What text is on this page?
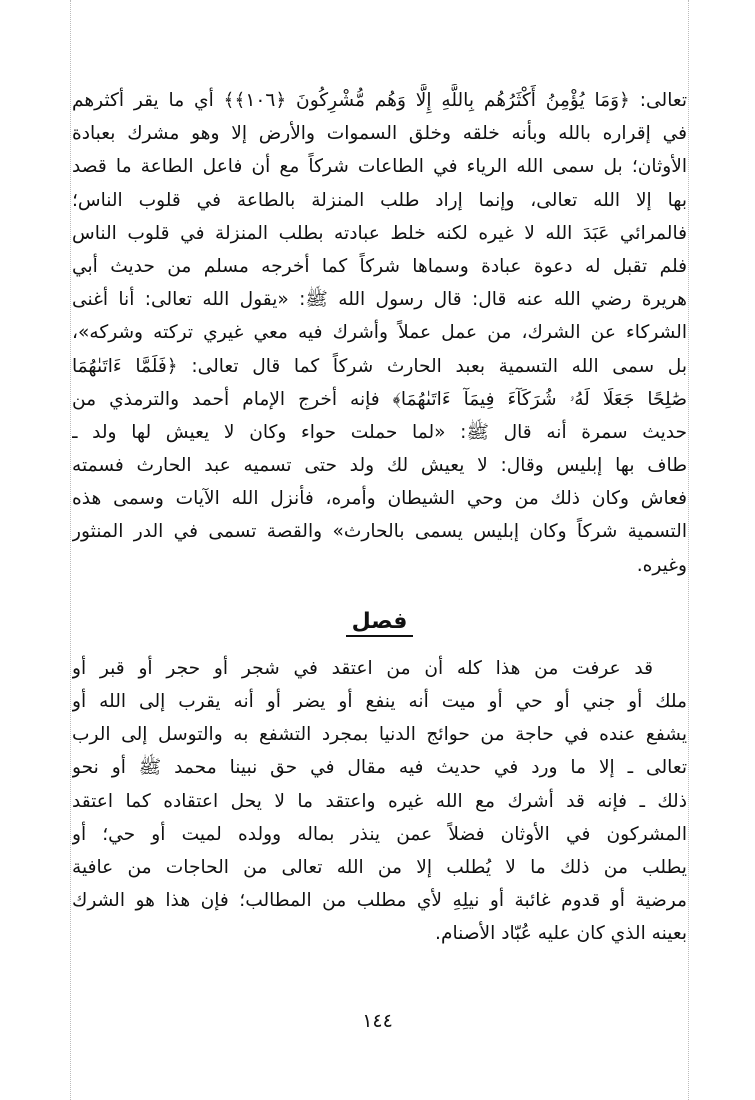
تعالى: ﴿وَمَا يُؤْمِنُ أَكْثَرُهُم بِاللَّهِ إِلَّا وَهُم مُّشْرِكُونَ ﴿١٠٦﴾﴾ أي ما يقر أكثرهم
في إقراره بالله وبأنه خلقه وخلق السموات والأرض إلا وهو مشرك بعبادة
الأوثان؛ بل سمى الله الرياء في الطاعات شركاً مع أن فاعل الطاعة ما قصد
بها إلا الله تعالى، وإنما إراد طلب المنزلة بالطاعة في قلوب الناس؛
فالمرائي عَبَدَ الله لا غيره لكنه خلط عبادته بطلب المنزلة في قلوب الناس
فلم تقبل له دعوة عبادة وسماها شركاً كما أخرجه مسلم من حديث أبي
هريرة رضي الله عنه قال: قال رسول الله ﷺ: «يقول الله تعالى: أنا أغنى
الشركاء عن الشرك، من عمل عملاً وأشرك فيه معي غيري تركته وشركه»،
بل سمى الله التسمية بعبد الحارث شركاً كما قال تعالى: ﴿فَلَمَّا ءَاتَىٰهُمَا
صَٰلِحًا جَعَلَا لَهُۥ شُرَكَآءَ فِيمَآ ءَاتَىٰهُمَا﴾ فإنه أخرج الإمام أحمد والترمذي من
حديث سمرة أنه قال ﷺ: «لما حملت حواء وكان لا يعيش لها ولد ـ
طاف بها إبليس وقال: لا يعيش لك ولد حتى تسميه عبد الحارث فسمته
فعاش وكان ذلك من وحي الشيطان وأمره، فأنزل الله الآيات وسمى هذه
التسمية شركاً وكان إبليس يسمى بالحارث» والقصة تسمى في الدر المنثور
وغيره.
فصل
قد عرفت من هذا كله أن من اعتقد في شجر أو حجر أو قبر أو
ملك أو جني أو حي أو ميت أنه ينفع أو يضر أو أنه يقرب إلى الله أو
يشفع عنده في حاجة من حوائج الدنيا بمجرد التشفع به والتوسل إلى الرب
تعالى ـ إلا ما ورد في حديث فيه مقال في حق نبينا محمد ﷺ أو نحو
ذلك ـ فإنه قد أشرك مع الله غيره واعتقد ما لا يحل اعتقاده كما اعتقد
المشركون في الأوثان فضلاً عمن ينذر بماله وولده لميت أو حي؛ أو
يطلب من ذلك ما لا يُطلب إلا من الله تعالى من الحاجات من عافية
مرضية أو قدوم غائبة أو نيلِهِ لأي مطلب من المطالب؛ فإن هذا هو الشرك
بعينه الذي كان عليه عُبّاد الأصنام.
١٤٤
